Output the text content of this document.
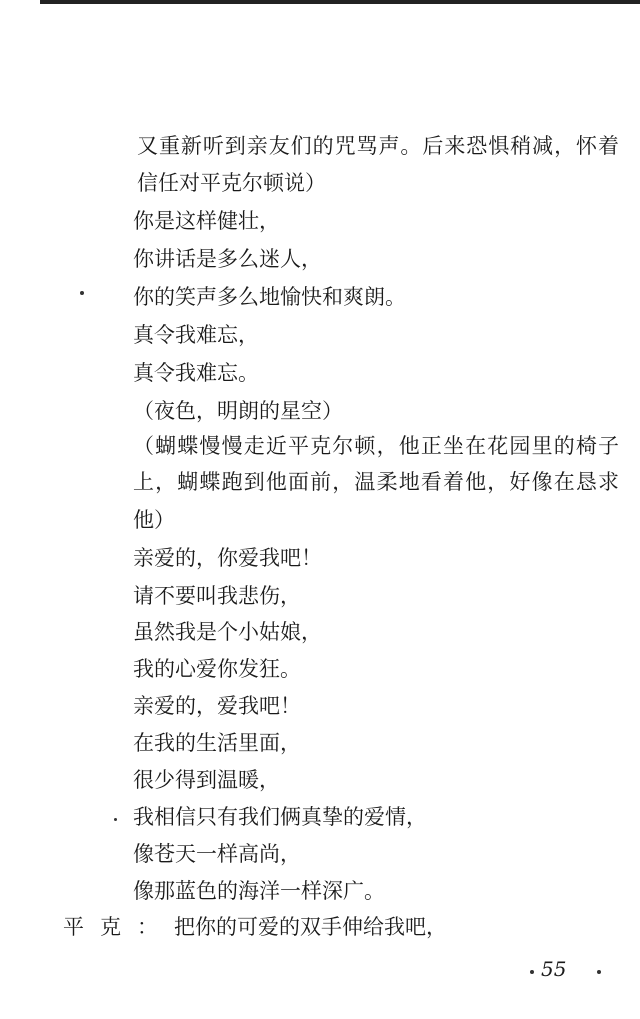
又重新听到亲友们的咒骂声。后来恐惧稍减，怀着
信任对平克尔顿说）
你是这样健壮，
你讲话是多么迷人，
你的笑声多么地愉快和爽朗。
真令我难忘，
真令我难忘。
（夜色，明朗的星空）
（蝴蝶慢慢走近平克尔顿，他正坐在花园里的椅子
上，蝴蝶跑到他面前，温柔地看着他，好像在恳求
他）
亲爱的，你爱我吧！
请不要叫我悲伤，
虽然我是个小姑娘，
我的心爱你发狂。
亲爱的，爱我吧！
在我的生活里面，
很少得到温暖，
我相信只有我们俩真挚的爱情，
像苍天一样高尚，
像那蓝色的海洋一样深广。
平克：把你的可爱的双手伸给我吧，
55
